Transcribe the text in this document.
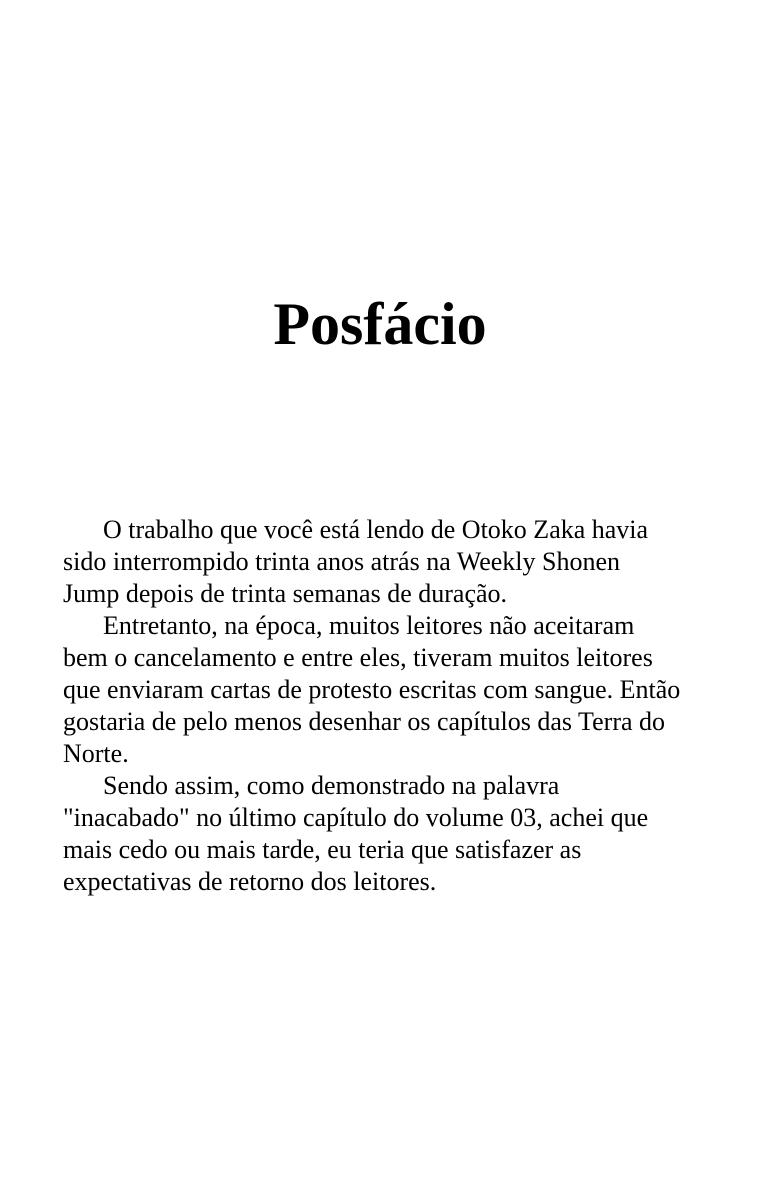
Posfácio

O trabalho que você está lendo de Otoko Zaka havia
sido interrompido trinta anos atrás na Weekly Shonen
Jump depois de trinta semanas de duração.

Entretanto, na época, muitos leitores não aceitaram
bem o cancelamento e entre eles, tiveram muitos leitores
que enviaram cartas de protesto escritas com sangue. Então
gostaria de pelo menos desenhar os capítulos das Terra do
Norte.

Sendo assim, como demonstrado na palavra
"inacabado" no último capítulo do volume 03, achei que
mais cedo ou mais tarde, eu teria que satisfazer as
expectativas de retorno dos leitores.
